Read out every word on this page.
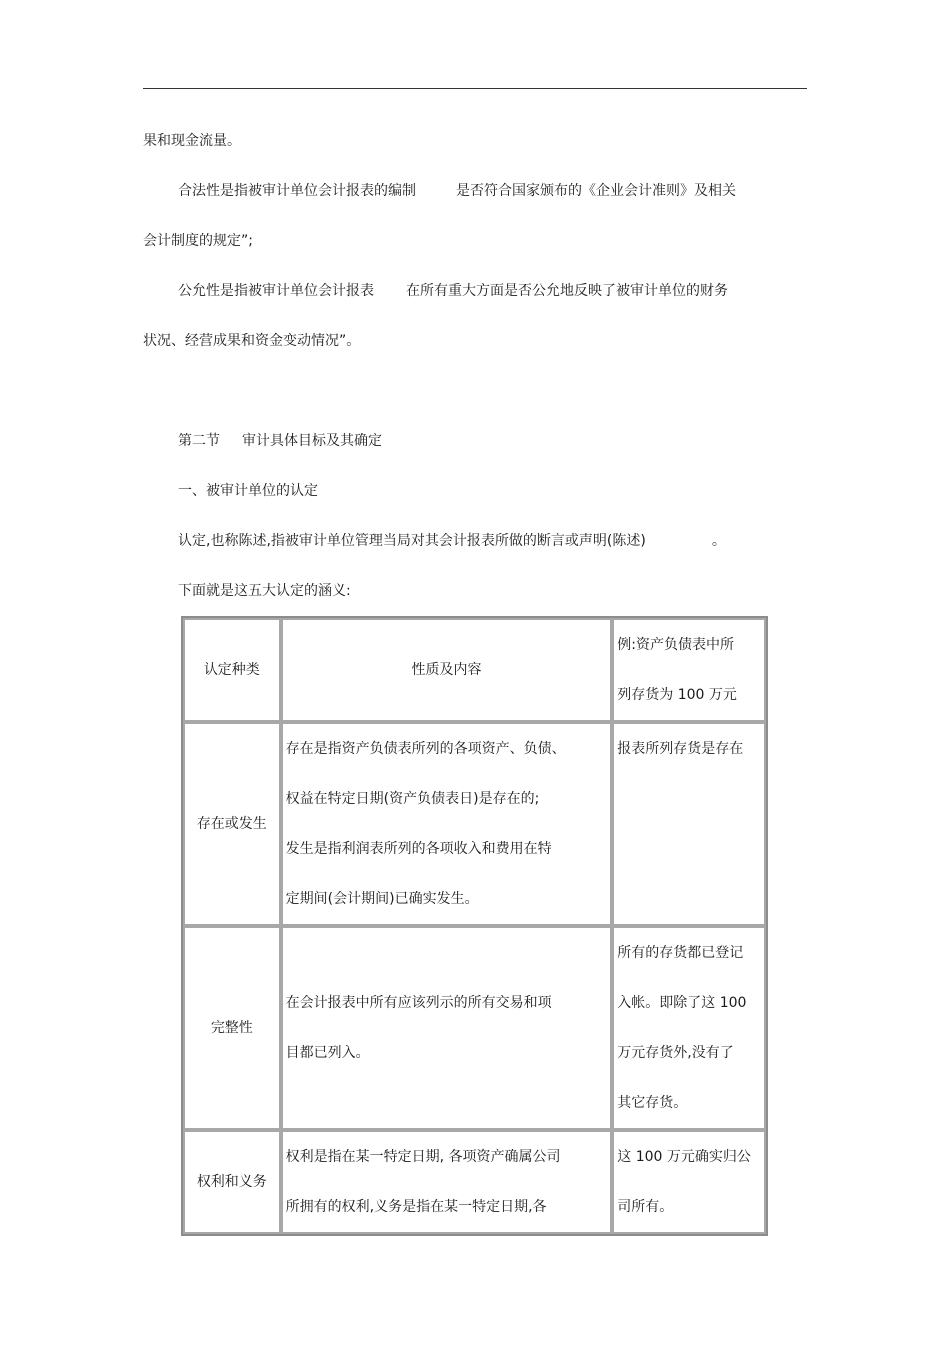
果和现金流量。
合法性是指被审计单位会计报表的编制	是否符合国家颁布的《企业会计准则》及相关
会计制度的规定”;
公允性是指被审计单位会计报表 在所有重大方面是否公允地反映了被审计单位的财务
状况、经营成果和资金变动情况”。
第二节 审计具体目标及其确定
一、被审计单位的认定
认定,也称陈述,指被审计单位管理当局对其会计报表所做的断言或声明(陈述)	。
下面就是这五大认定的涵义:
认定种类	性质及内容	例:资产负债表中所
列存货为 100 万元

存在或发生	存在是指资产负债表所列的各项资产、负债、
权益在特定日期(资产负债表日)是存在的;
发生是指利润表所列的各项收入和费用在特
定期间(会计期间)已确实发生。	报表所列存货是存在

完整性	在会计报表中所有应该列示的所有交易和项
目都已列入。	所有的存货都已登记
入帐。即除了这 100
万元存货外,没有了
其它存货。

权利和义务	权利是指在某一特定日期, 各项资产确属公司
所拥有的权利,义务是指在某一特定日期,各	这 100 万元确实归公
司所有。
